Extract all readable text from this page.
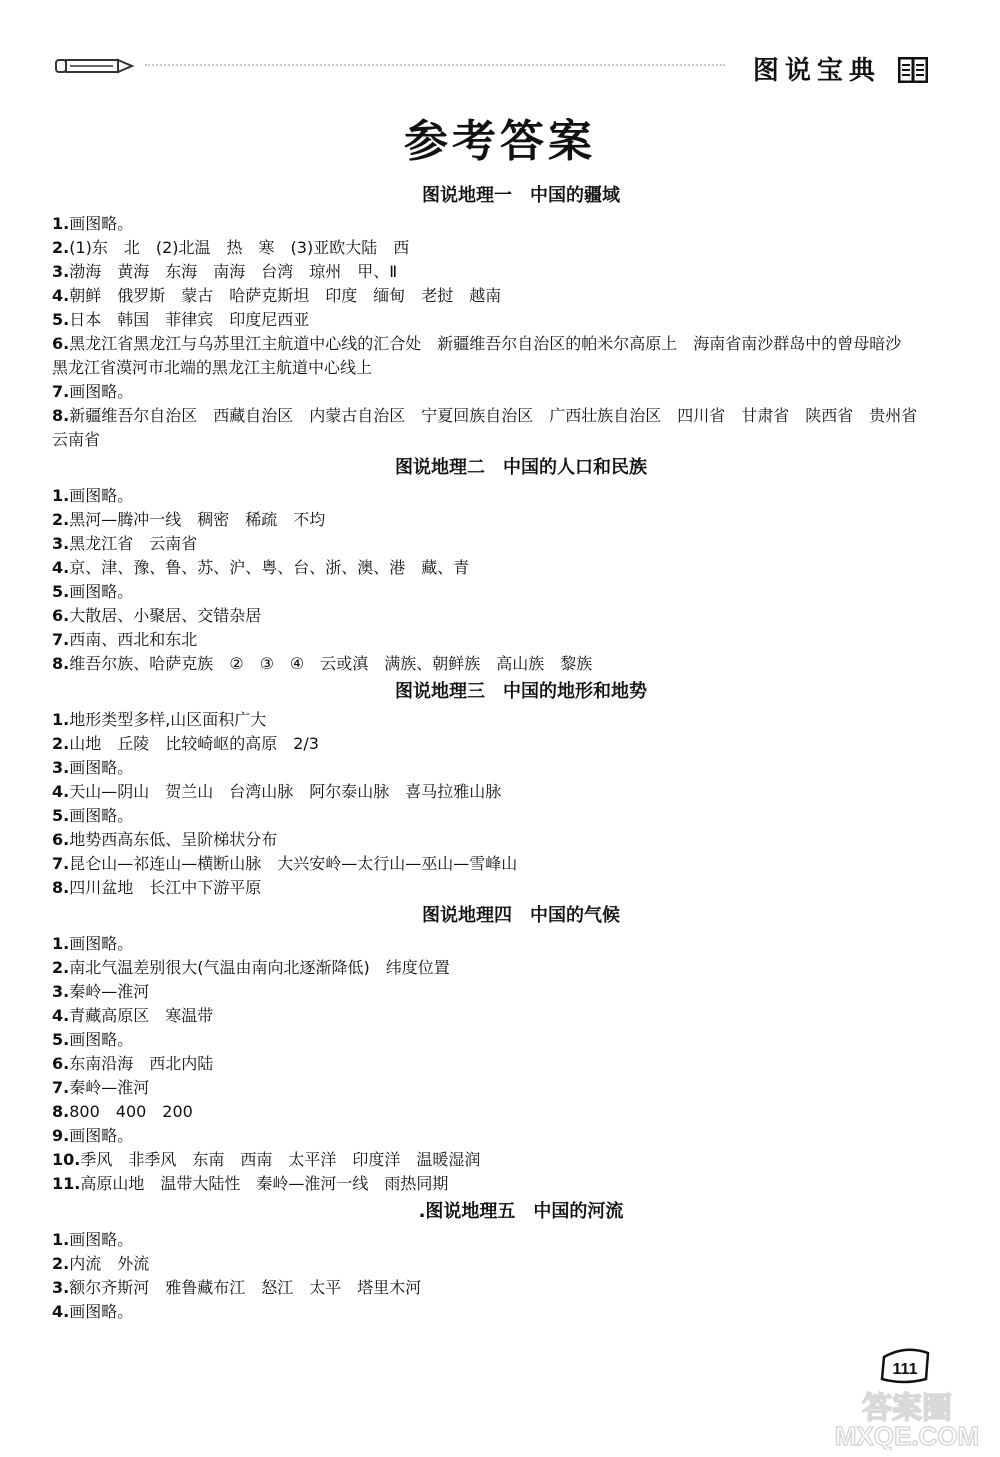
图说宝典
参考答案
图说地理一　中国的疆域

1.画图略。

2.(1)东　北　(2)北温　热　寒　(3)亚欧大陆　西

3.渤海　黄海　东海　南海　台湾　琼州　甲、Ⅱ

4.朝鲜　俄罗斯　蒙古　哈萨克斯坦　印度　缅甸　老挝　越南

5.日本　韩国　菲律宾　印度尼西亚

6.黑龙江省黑龙江与乌苏里江主航道中心线的汇合处　新疆维吾尔自治区的帕米尔高原上　海南省南沙群岛中的曾母暗沙　黑龙江省漠河市北端的黑龙江主航道中心线上

7.画图略。

8.新疆维吾尔自治区　西藏自治区　内蒙古自治区　宁夏回族自治区　广西壮族自治区　四川省　甘肃省　陕西省　贵州省　云南省

图说地理二　中国的人口和民族

1.画图略。

2.黑河—腾冲一线　稠密　稀疏　不均

3.黑龙江省　云南省

4.京、津、豫、鲁、苏、沪、粤、台、浙、澳、港　藏、青

5.画图略。

6.大散居、小聚居、交错杂居

7.西南、西北和东北

8.维吾尔族、哈萨克族　②　③　④　云或滇　满族、朝鲜族　高山族　黎族

图说地理三　中国的地形和地势

1.地形类型多样,山区面积广大

2.山地　丘陵　比较崎岖的高原　2/3

3.画图略。

4.天山—阴山　贺兰山　台湾山脉　阿尔泰山脉　喜马拉雅山脉

5.画图略。

6.地势西高东低、呈阶梯状分布

7.昆仑山—祁连山—横断山脉　大兴安岭—太行山—巫山—雪峰山

8.四川盆地　长江中下游平原

图说地理四　中国的气候

1.画图略。

2.南北气温差别很大(气温由南向北逐渐降低)　纬度位置

3.秦岭—淮河

4.青藏高原区　寒温带

5.画图略。

6.东南沿海　西北内陆

7.秦岭—淮河

8.800　400　200

9.画图略。

10.季风　非季风　东南　西南　太平洋　印度洋　温暖湿润

11.高原山地　温带大陆性　秦岭—淮河一线　雨热同期

.图说地理五　中国的河流

1.画图略。

2.内流　外流

3.额尔齐斯河　雅鲁藏布江　怒江　太平　塔里木河

4.画图略。

111
答案圈
MXQE.COM
